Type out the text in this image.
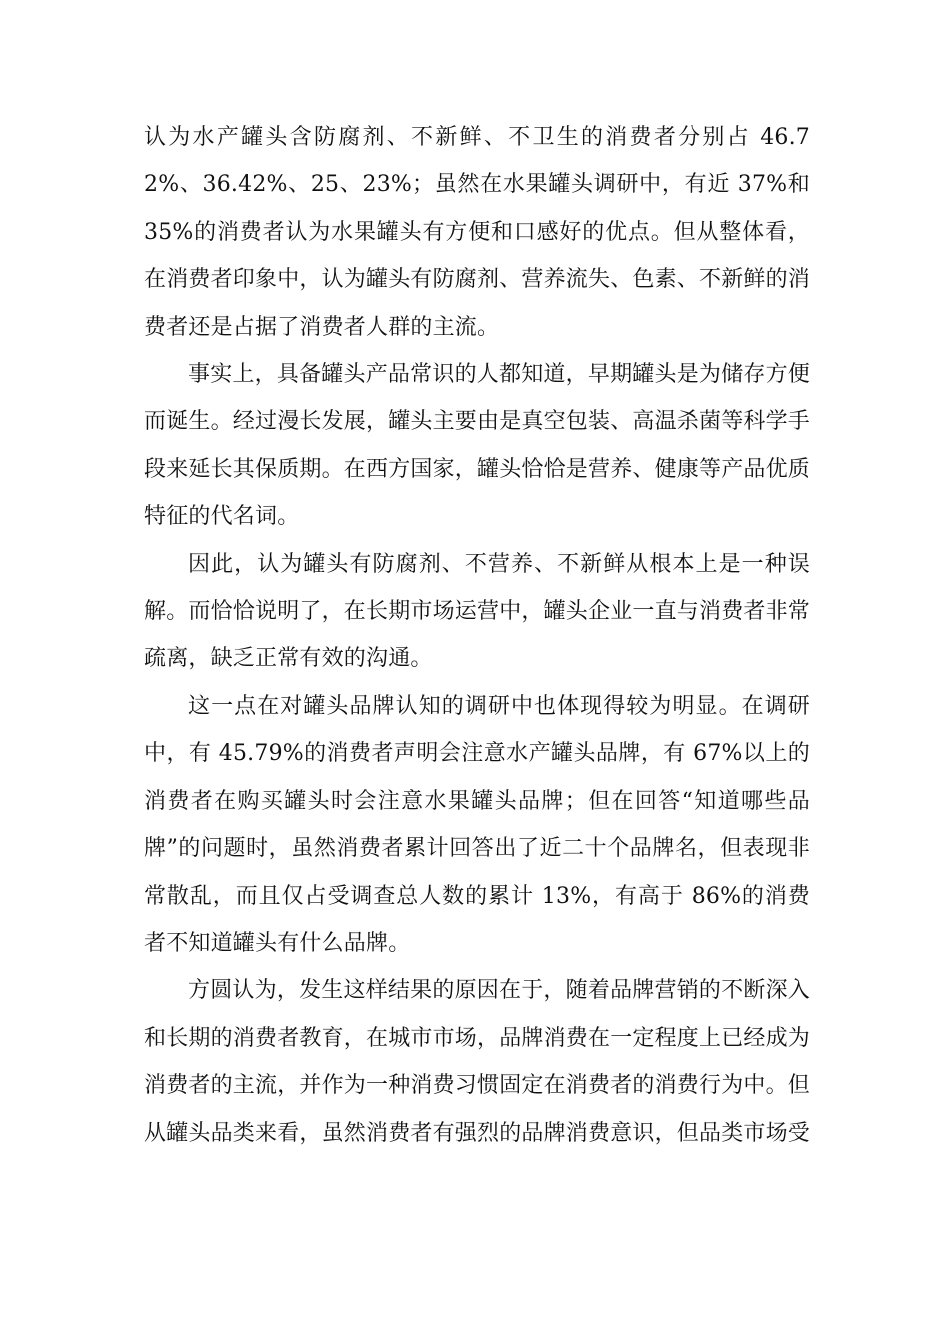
认为水产罐头含防腐剂、不新鲜、不卫生的消费者分别占 46.72%、36.42%、25、23%；虽然在水果罐头调研中，有近 37%和 35%的消费者认为水果罐头有方便和口感好的优点。但从整体看，在消费者印象中，认为罐头有防腐剂、营养流失、色素、不新鲜的消费者还是占据了消费者人群的主流。

事实上，具备罐头产品常识的人都知道，早期罐头是为储存方便而诞生。经过漫长发展，罐头主要由是真空包装、高温杀菌等科学手段来延长其保质期。在西方国家，罐头恰恰是营养、健康等产品优质特征的代名词。

因此，认为罐头有防腐剂、不营养、不新鲜从根本上是一种误解。而恰恰说明了，在长期市场运营中，罐头企业一直与消费者非常疏离，缺乏正常有效的沟通。

这一点在对罐头品牌认知的调研中也体现得较为明显。在调研中，有 45.79%的消费者声明会注意水产罐头品牌，有 67%以上的消费者在购买罐头时会注意水果罐头品牌；但在回答“知道哪些品牌”的问题时，虽然消费者累计回答出了近二十个品牌名，但表现非常散乱，而且仅占受调查总人数的累计 13%，有高于 86%的消费者不知道罐头有什么品牌。

方圆认为，发生这样结果的原因在于，随着品牌营销的不断深入和长期的消费者教育，在城市市场，品牌消费在一定程度上已经成为消费者的主流，并作为一种消费习惯固定在消费者的消费行为中。但从罐头品类来看，虽然消费者有强烈的品牌消费意识，但品类市场受
